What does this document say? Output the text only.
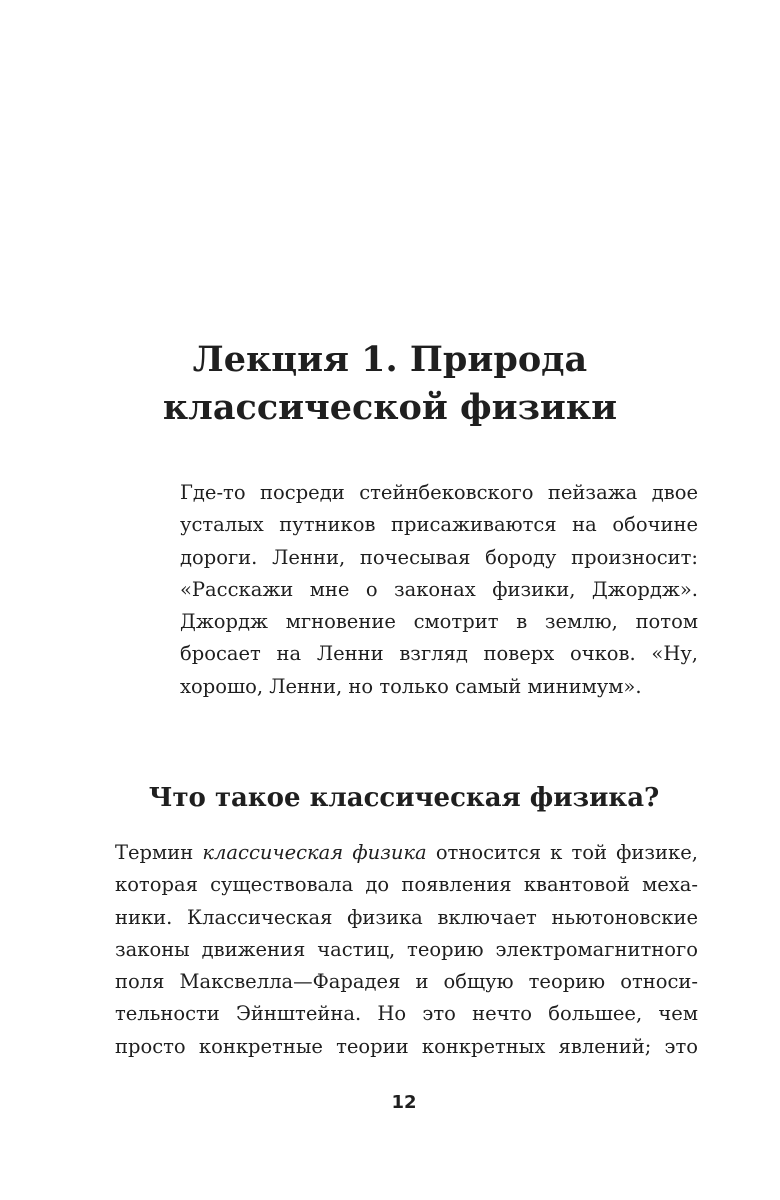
Лекция 1. Природа
классической физики
Где-то посреди стейнбековского пейзажа двое
усталых путников присаживаются на обочине
дороги. Ленни, почесывая бороду произносит:
«Расскажи мне о законах физики, Джордж».
Джордж мгновение смотрит в землю, потом
бросает на Ленни взгляд поверх очков. «Ну,
хорошо, Ленни, но только самый минимум».
Что такое классическая физика?
Термин классическая физика относится к той физике,
которая существовала до появления квантовой меха-
ники. Классическая физика включает ньютоновские
законы движения частиц, теорию электромагнитного
поля Максвелла—Фарадея и общую теорию относи-
тельности Эйнштейна. Но это нечто большее, чем
просто конкретные теории конкретных явлений; это
12
